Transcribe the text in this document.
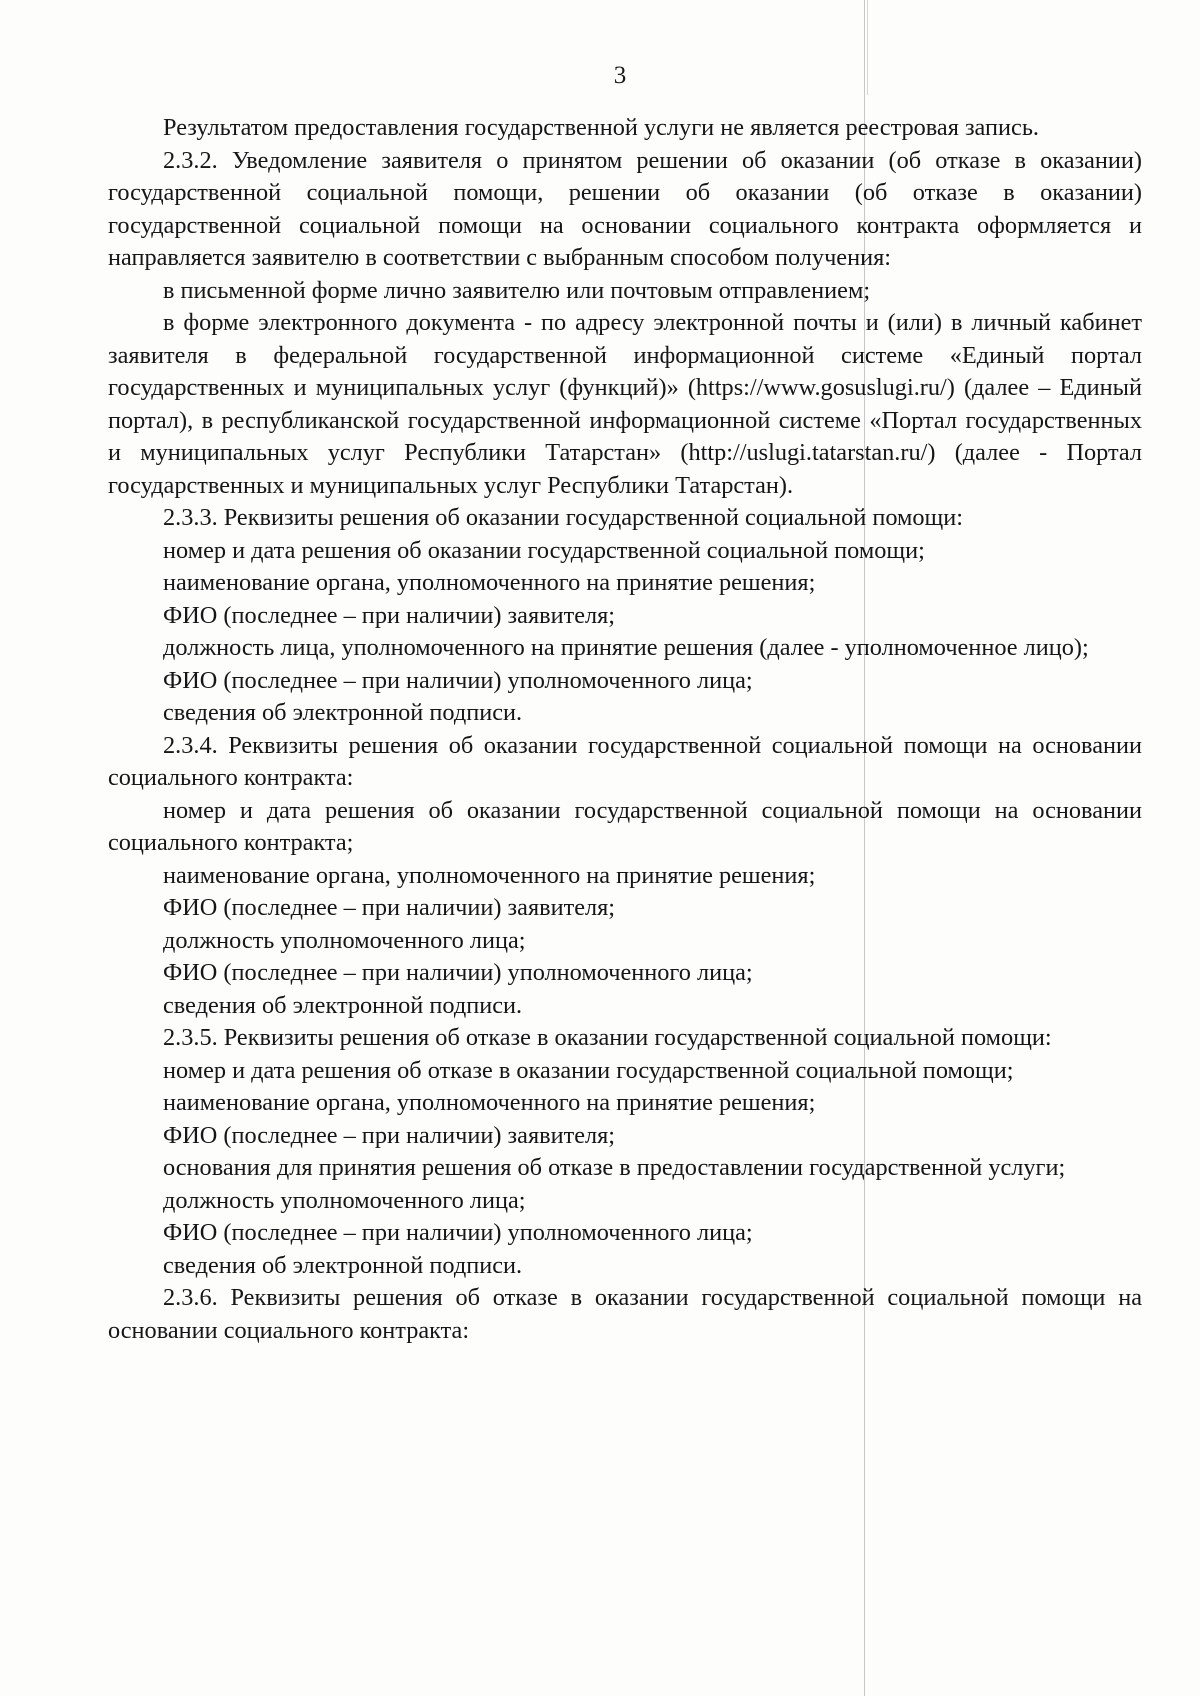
3

Результатом предоставления государственной услуги не является реестровая запись.

2.3.2. Уведомление заявителя о принятом решении об оказании (об отказе в оказании) государственной социальной помощи, решении об оказании (об отказе в оказании) государственной социальной помощи на основании социального контракта оформляется и направляется заявителю в соответствии с выбранным способом получения:

в письменной форме лично заявителю или почтовым отправлением;

в форме электронного документа - по адресу электронной почты и (или) в личный кабинет заявителя в федеральной государственной информационной системе «Единый портал государственных и муниципальных услуг (функций)» (https://www.gosuslugi.ru/) (далее – Единый портал), в республиканской государственной информационной системе «Портал государственных и муниципальных услуг Республики Татарстан» (http://uslugi.tatarstan.ru/) (далее - Портал государственных и муниципальных услуг Республики Татарстан).

2.3.3. Реквизиты решения об оказании государственной социальной помощи:

номер и дата решения об оказании государственной социальной помощи;

наименование органа, уполномоченного на принятие решения;

ФИО (последнее – при наличии) заявителя;

должность лица, уполномоченного на принятие решения (далее - уполномоченное лицо);

ФИО (последнее – при наличии) уполномоченного лица;

сведения об электронной подписи.

2.3.4. Реквизиты решения об оказании государственной социальной помощи на основании социального контракта:

номер и дата решения об оказании государственной социальной помощи на основании социального контракта;

наименование органа, уполномоченного на принятие решения;

ФИО (последнее – при наличии) заявителя;

должность уполномоченного лица;

ФИО (последнее – при наличии) уполномоченного лица;

сведения об электронной подписи.

2.3.5. Реквизиты решения об отказе в оказании государственной социальной помощи:

номер и дата решения об отказе в оказании государственной социальной помощи;

наименование органа, уполномоченного на принятие решения;

ФИО (последнее – при наличии) заявителя;

основания для принятия решения об отказе в предоставлении государственной услуги;

должность уполномоченного лица;

ФИО (последнее – при наличии) уполномоченного лица;

сведения об электронной подписи.

2.3.6. Реквизиты решения об отказе в оказании государственной социальной помощи на основании социального контракта:
